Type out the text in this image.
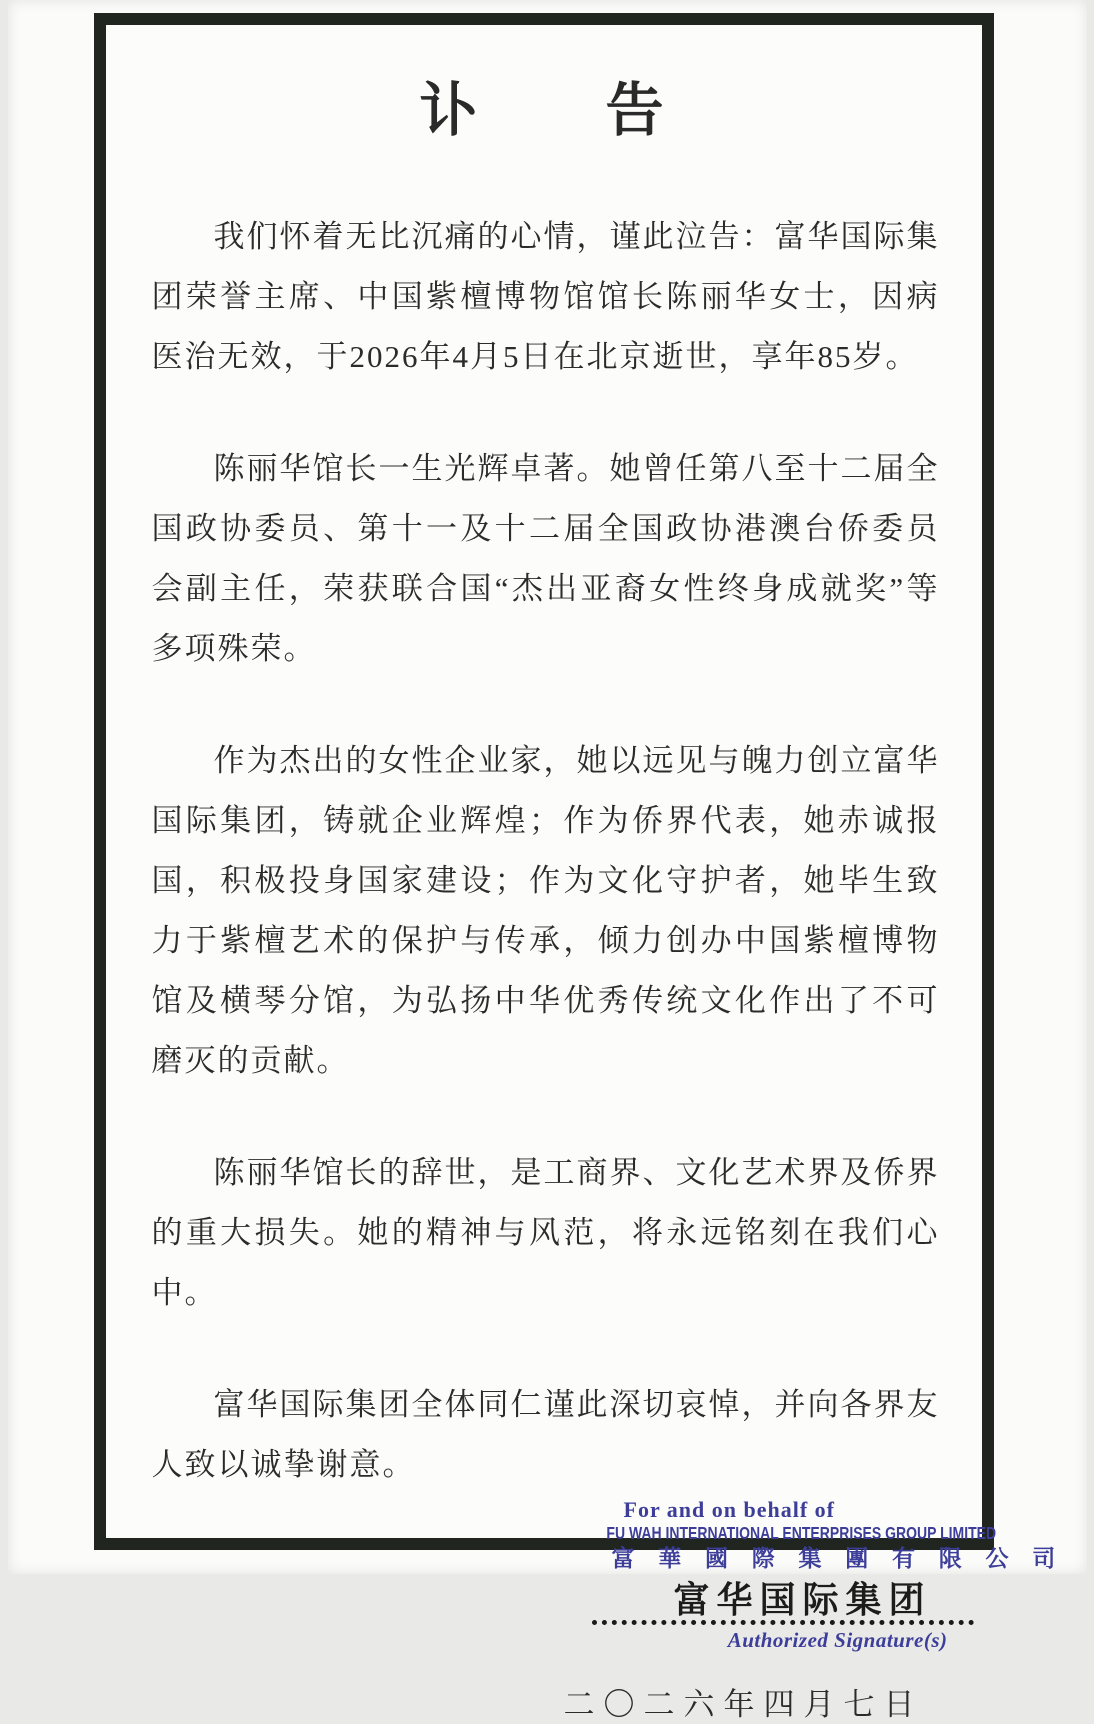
讣　　告

我们怀着无比沉痛的心情，谨此泣告：富华国际集团荣誉主席、中国紫檀博物馆馆长陈丽华女士，因病医治无效，于2026年4月5日在北京逝世，享年85岁。

陈丽华馆长一生光辉卓著。她曾任第八至十二届全国政协委员、第十一及十二届全国政协港澳台侨委员会副主任，荣获联合国“杰出亚裔女性终身成就奖”等多项殊荣。

作为杰出的女性企业家，她以远见与魄力创立富华国际集团，铸就企业辉煌；作为侨界代表，她赤诚报国，积极投身国家建设；作为文化守护者，她毕生致力于紫檀艺术的保护与传承，倾力创办中国紫檀博物馆及横琴分馆，为弘扬中华优秀传统文化作出了不可磨灭的贡献。

陈丽华馆长的辞世，是工商界、文化艺术界及侨界的重大损失。她的精神与风范，将永远铭刻在我们心中。

富华国际集团全体同仁谨此深切哀悼，并向各界友人致以诚挚谢意。

For and on behalf of
FU WAH INTERNATIONAL ENTERPRISES GROUP LIMITED
富 華 國 際 集 團 有 限 公 司
富华国际集团
Authorized Signature(s)
二〇二六年四月七日
